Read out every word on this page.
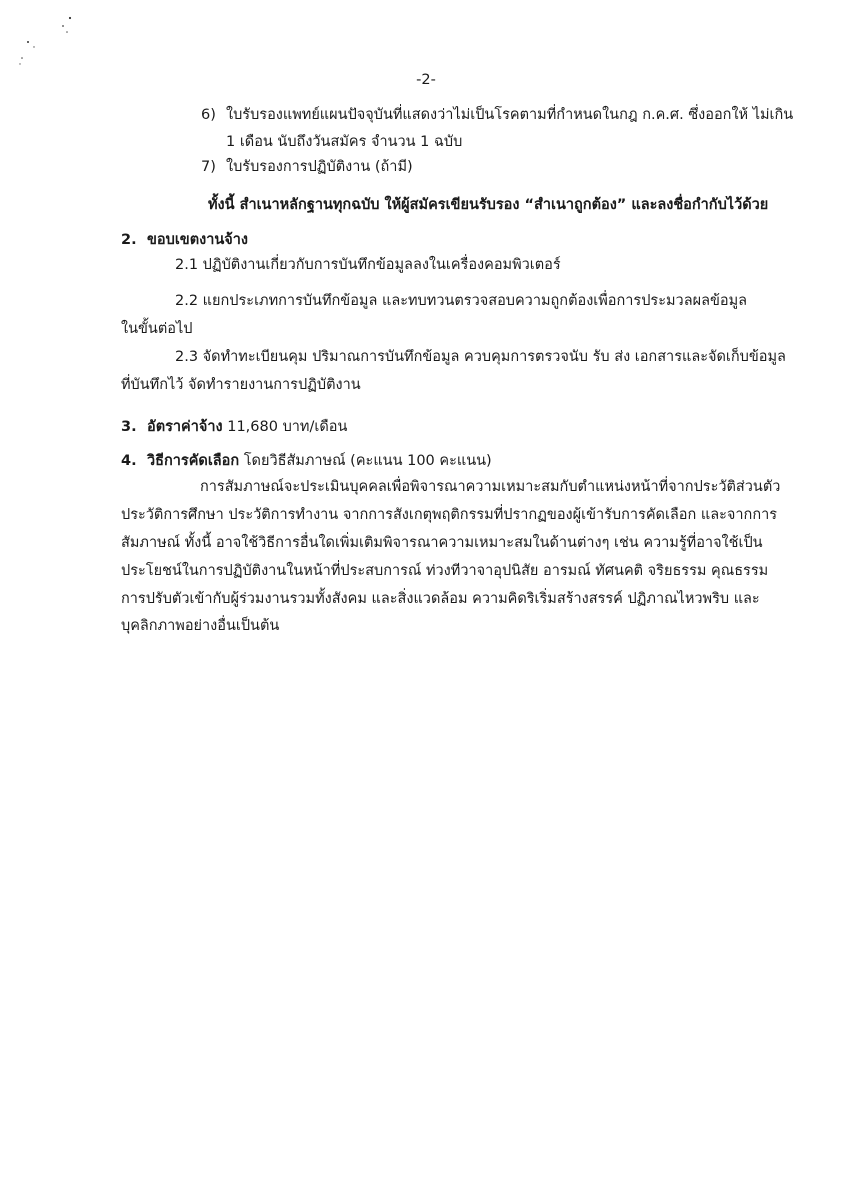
-2-
6) ใบรับรองแพทย์แผนปัจจุบันที่แสดงว่าไม่เป็นโรคตามที่กำหนดในกฎ ก.ค.ศ. ซึ่งออกให้ ไม่เกิน
1 เดือน นับถึงวันสมัคร จำนวน 1 ฉบับ
7) ใบรับรองการปฏิบัติงาน (ถ้ามี)
ทั้งนี้ สำเนาหลักฐานทุกฉบับ ให้ผู้สมัครเขียนรับรอง “สำเนาถูกต้อง” และลงชื่อกำกับไว้ด้วย
2. ขอบเขตงานจ้าง
2.1 ปฏิบัติงานเกี่ยวกับการบันทึกข้อมูลลงในเครื่องคอมพิวเตอร์
2.2 แยกประเภทการบันทึกข้อมูล และทบทวนตรวจสอบความถูกต้องเพื่อการประมวลผลข้อมูล
ในขั้นต่อไป
2.3 จัดทำทะเบียนคุม ปริมาณการบันทึกข้อมูล ควบคุมการตรวจนับ รับ ส่ง เอกสารและจัดเก็บข้อมูล
ที่บันทึกไว้ จัดทำรายงานการปฏิบัติงาน
3. อัตราค่าจ้าง 11,680 บาท/เดือน
4. วิธีการคัดเลือก โดยวิธีสัมภาษณ์ (คะแนน 100 คะแนน)
การสัมภาษณ์จะประเมินบุคคลเพื่อพิจารณาความเหมาะสมกับตำแหน่งหน้าที่จากประวัติส่วนตัว
ประวัติการศึกษา ประวัติการทำงาน จากการสังเกตุพฤติกรรมที่ปรากฏของผู้เข้ารับการคัดเลือก และจากการ
สัมภาษณ์ ทั้งนี้ อาจใช้วิธีการอื่นใดเพิ่มเติมพิจารณาความเหมาะสมในด้านต่างๆ เช่น ความรู้ที่อาจใช้เป็น
ประโยชน์ในการปฏิบัติงานในหน้าที่ประสบการณ์ ท่วงทีวาจาอุปนิสัย อารมณ์ ทัศนคติ จริยธรรม คุณธรรม
การปรับตัวเข้ากับผู้ร่วมงานรวมทั้งสังคม และสิ่งแวดล้อม ความคิดริเริ่มสร้างสรรค์ ปฏิภาณไหวพริบ และ
บุคลิกภาพอย่างอื่นเป็นต้น
